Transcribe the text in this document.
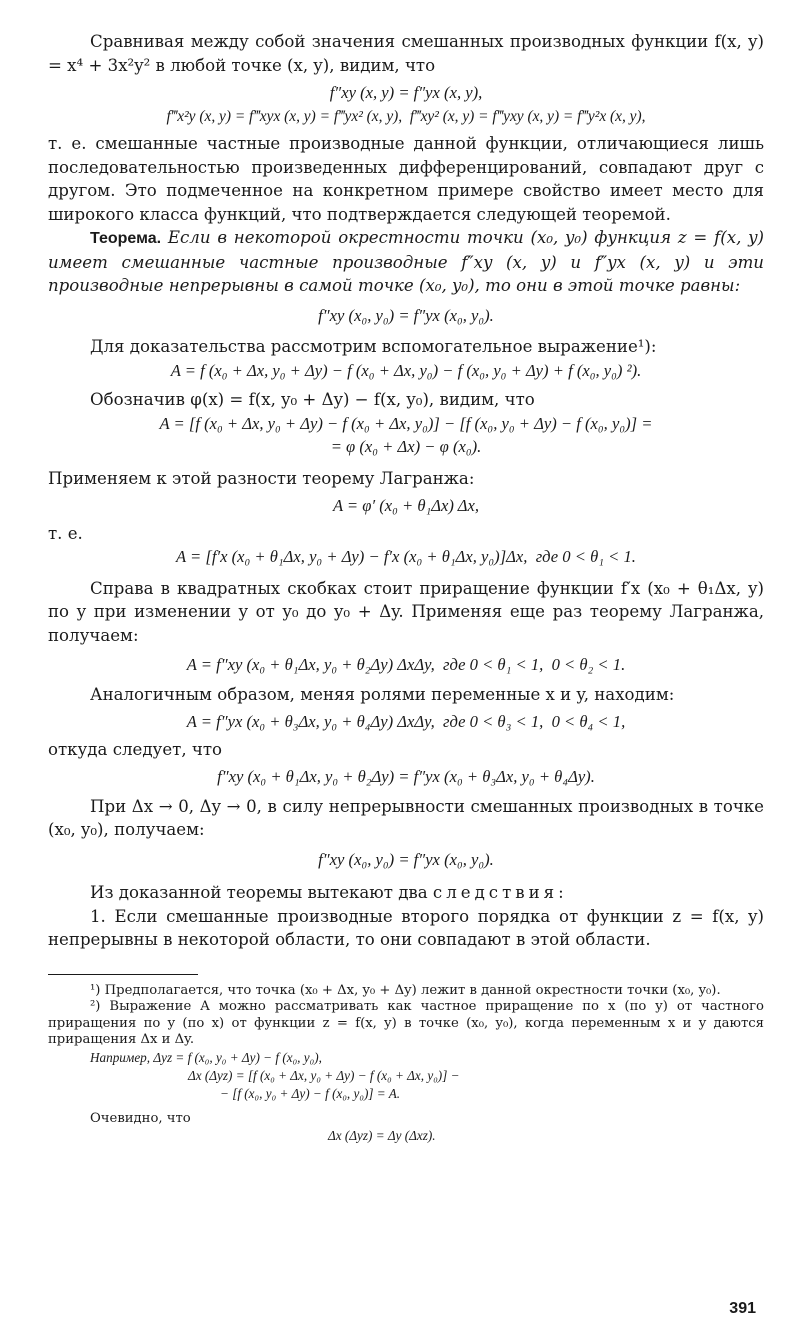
Сравнивая между собой значения смешанных производных функции f(x, y) = x⁴ + 3x²y² в любой точке (x, y), видим, что

f″xy (x, y) = f″yx (x, y),
f‴x²y (x, y) = f‴xyx (x, y) = f‴yx² (x, y),  f‴xy² (x, y) = f‴yxy (x, y) = f‴y²x (x, y),

т. е. смешанные частные производные данной функции, отличающиеся лишь последовательностью произведенных дифференцирований, совпадают друг с другом. Это подмеченное на конкретном примере свойство имеет место для широкого класса функций, что подтверждается следующей теоремой.

Теорема. Если в некоторой окрестности точки (x₀, y₀) функция z = f(x, y) имеет смешанные частные производные f″xy (x, y) и f″yx (x, y) и эти производные непрерывны в самой точке (x₀, y₀), то они в этой точке равны:

f″xy (x₀, y₀) = f″yx (x₀, y₀).

Для доказательства рассмотрим вспомогательное выражение¹):

A = f (x₀ + Δx, y₀ + Δy) − f (x₀ + Δx, y₀) − f (x₀, y₀ + Δy) + f (x₀, y₀) ²).

Обозначив φ(x) = f(x, y₀ + Δy) − f(x, y₀), видим, что

A = [f (x₀ + Δx, y₀ + Δy) − f (x₀ + Δx, y₀)] − [f (x₀, y₀ + Δy) − f (x₀, y₀)] =
= φ (x₀ + Δx) − φ (x₀).

Применяем к этой разности теорему Лагранжа:

A = φ′ (x₀ + θ₁Δx) Δx,

т. е.

A = [f′x (x₀ + θ₁Δx, y₀ + Δy) − f′x (x₀ + θ₁Δx, y₀)]Δx,  где 0 < θ₁ < 1.

Справа в квадратных скобках стоит приращение функции f′x (x₀ + θ₁Δx, y) по y при изменении y от y₀ до y₀ + Δy. Применяя еще раз теорему Лагранжа, получаем:

A = f″xy (x₀ + θ₁Δx, y₀ + θ₂Δy) ΔxΔy,  где 0 < θ₁ < 1,  0 < θ₂ < 1.

Аналогичным образом, меняя ролями переменные x и y, находим:

A = f″yx (x₀ + θ₃Δx, y₀ + θ₄Δy) ΔxΔy,  где 0 < θ₃ < 1,  0 < θ₄ < 1,

откуда следует, что

f″xy (x₀ + θ₁Δx, y₀ + θ₂Δy) = f″yx (x₀ + θ₃Δx, y₀ + θ₄Δy).

При Δx → 0, Δy → 0, в силу непрерывности смешанных производных в точке (x₀, y₀), получаем:

f″xy (x₀, y₀) = f″yx (x₀, y₀).

Из доказанной теоремы вытекают два следствия:

1. Если смешанные производные второго порядка от функции z = f(x, y) непрерывны в некоторой области, то они совпадают в этой области.

¹) Предполагается, что точка (x₀ + Δx, y₀ + Δy) лежит в данной окрестности точки (x₀, y₀).

²) Выражение A можно рассматривать как частное приращение по x (по y) от частного приращения по y (по x) от функции z = f(x, y) в точке (x₀, y₀), когда переменным x и y даются приращения Δx и Δy.

Например, Δyz = f (x₀, y₀ + Δy) − f (x₀, y₀),
Δx (Δyz) = [f (x₀ + Δx, y₀ + Δy) − f (x₀ + Δx, y₀)] −
− [f (x₀, y₀ + Δy) − f (x₀, y₀)] = A.

Очевидно, что

Δx (Δyz) = Δy (Δxz).
391
